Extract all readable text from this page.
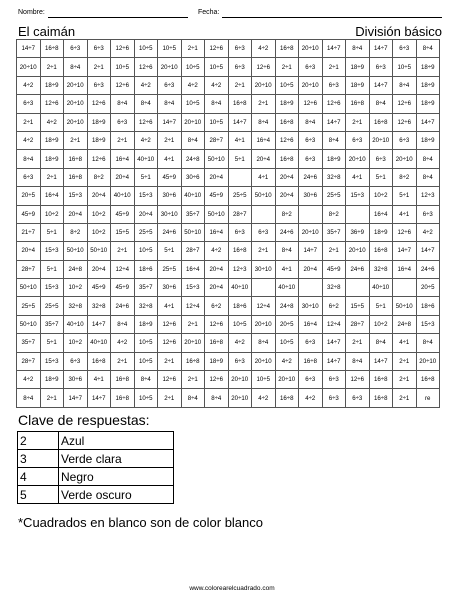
Nombre:	Fecha:
El caimán	División básico
14÷7	16÷8	6÷3	6÷3	12÷6	10÷5	10÷5	2÷1	12÷6	6÷3	4÷2	16÷8	20÷10	14÷7	8÷4	14÷7	6÷3	8÷4
20÷10	2÷1	8÷4	2÷1	10÷5	12÷6	20÷10	10÷5	10÷5	6÷3	12÷6	2÷1	6÷3	2÷1	18÷9	6÷3	10÷5	18÷9
4÷2	18÷9	20÷10	6÷3	12÷6	4÷2	6÷3	4÷2	4÷2	2÷1	20÷10	10÷5	20÷10	6÷3	18÷9	14÷7	8÷4	18÷9
6÷3	12÷6	20÷10	12÷6	8÷4	8÷4	8÷4	10÷5	8÷4	16÷8	2÷1	18÷9	12÷6	12÷6	16÷8	8÷4	12÷6	18÷9
2÷1	4÷2	20÷10	18÷9	6÷3	12÷6	14÷7	20÷10	10÷5	14÷7	8÷4	16÷8	8÷4	14÷7	2÷1	16÷8	12÷6	14÷7
4÷2	18÷9	2÷1	18÷9	2÷1	4÷2	2÷1	8÷4	28÷7	4÷1	16÷4	12÷6	6÷3	8÷4	6÷3	20÷10	6÷3	18÷9
8÷4	18÷9	16÷8	12÷6	16÷4	40÷10	4÷1	24÷8	50÷10	5÷1	20÷4	16÷8	6÷3	18÷9	20÷10	6÷3	20÷10	8÷4
6÷3	2÷1	16÷8	8÷2	20÷4	5÷1	45÷9	30÷6	20÷4		4÷1	20÷4	24÷6	32÷8	4÷1	5÷1	8÷2	8÷4
20÷5	16÷4	15÷3	20÷4	40÷10	15÷3	30÷6	40÷10	45÷9	25÷5	50÷10	20÷4	30÷6	25÷5	15÷3	10÷2	5÷1	12÷3
45÷9	10÷2	20÷4	10÷2	45÷9	20÷4	30÷10	35÷7	50÷10	28÷7		8÷2		8÷2		16÷4	4÷1	6÷3
21÷7	5÷1	8÷2	10÷2	15÷5	25÷5	24÷6	50÷10	16÷4	6÷3	6÷3	24÷6	20÷10	35÷7	36÷9	18÷9	12÷6	4÷2
20÷4	15÷3	50÷10	50÷10	2÷1	10÷5	5÷1	28÷7	4÷2	16÷8	2÷1	8÷4	14÷7	2÷1	20÷10	16÷8	14÷7	14÷7
28÷7	5÷1	24÷8	20÷4	12÷4	18÷6	25÷5	16÷4	20÷4	12÷3	30÷10	4÷1	20÷4	45÷9	24÷6	32÷8	16÷4	24÷6
50÷10	15÷3	10÷2	45÷9	45÷9	35÷7	30÷6	15÷3	20÷4	40÷10		40÷10		32÷8		40÷10		20÷5
25÷5	25÷5	32÷8	32÷8	24÷6	32÷8	4÷1	12÷4	6÷2	18÷6	12÷4	24÷8	30÷10	6÷2	15÷5	5÷1	50÷10	18÷6
50÷10	35÷7	40÷10	14÷7	8÷4	18÷9	12÷6	2÷1	12÷6	10÷5	20÷10	20÷5	16÷4	12÷4	28÷7	10÷2	24÷8	15÷3
35÷7	5÷1	10÷2	40÷10	4÷2	10÷5	12÷6	20÷10	16÷8	4÷2	8÷4	10÷5	6÷3	14÷7	2÷1	8÷4	4÷1	8÷4
28÷7	15÷3	6÷3	16÷8	2÷1	10÷5	2÷1	16÷8	18÷9	6÷3	20÷10	4÷2	16÷8	14÷7	8÷4	14÷7	2÷1	20÷10
4÷2	18÷9	30÷6	4÷1	16÷8	8÷4	12÷6	2÷1	12÷6	20÷10	10÷5	20÷10	6÷3	6÷3	12÷6	16÷8	2÷1	16÷8
8÷4	2÷1	14÷7	14÷7	16÷8	10÷5	2÷1	8÷4	8÷4	20÷10	4÷2	16÷8	4÷2	6÷3	6÷3	16÷8	2÷1	re
Clave de respuestas:
2	Azul
3	Verde clara
4	Negro
5	Verde oscuro
*Cuadrados en blanco son de color blanco
www.colorearelcuadrado.com
